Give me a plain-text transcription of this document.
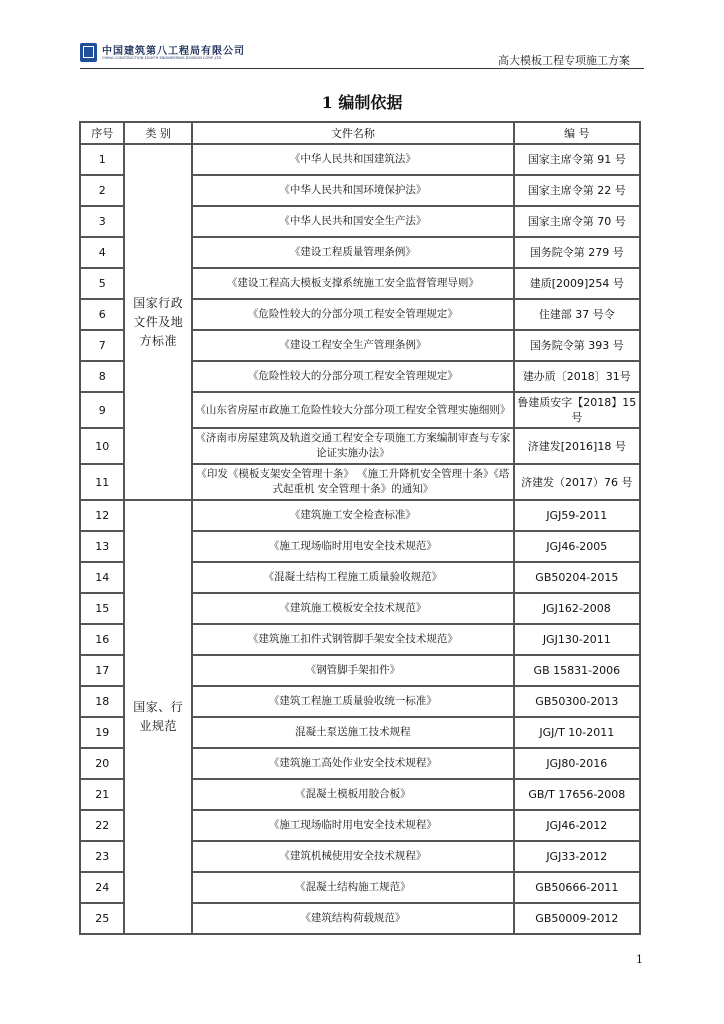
中国建筑第八工程局有限公司
CHINA CONSTRUCTION EIGHTH ENGINEERING DIVISION CORP.,LTD	高大模板工程专项施工方案
1 编制依据
序号	类 别	文件名称	编 号
1	国家行政文件及地方标准	《中华人民共和国建筑法》	国家主席令第 91 号
2		《中华人民共和国环境保护法》	国家主席令第 22 号
3		《中华人民共和国安全生产法》	国家主席令第 70 号
4		《建设工程质量管理条例》	国务院令第 279 号
5		《建设工程高大模板支撑系统施工安全监督管理导则》	建质[2009]254 号
6		《危险性较大的分部分项工程安全管理规定》	住建部 37 号令
7		《建设工程安全生产管理条例》	国务院令第 393 号
8		《危险性较大的分部分项工程安全管理规定》	建办质〔2018〕31号
9		《山东省房屋市政施工危险性较大分部分项工程安全管理实施细则》	鲁建质安字【2018】15号
10		《济南市房屋建筑及轨道交通工程安全专项施工方案编制审查与专家论证实施办法》	济建发[2016]18 号
11		《印发《模板支架安全管理十条》 《施工升降机安全管理十条》《塔式起重机 安全管理十条》的通知》	济建发（2017）76 号
12	国家、行业规范	《建筑施工安全检查标准》	JGJ59-2011
13		《施工现场临时用电安全技术规范》	JGJ46-2005
14		《混凝土结构工程施工质量验收规范》	GB50204-2015
15		《建筑施工模板安全技术规范》	JGJ162-2008
16		《建筑施工扣件式钢管脚手架安全技术规范》	JGJ130-2011
17		《钢管脚手架扣件》	GB 15831-2006
18		《建筑工程施工质量验收统一标准》	GB50300-2013
19		混凝土泵送施工技术规程	JGJ/T 10-2011
20		《建筑施工高处作业安全技术规程》	JGJ80-2016
21		《混凝土模板用胶合板》	GB/T 17656-2008
22		《施工现场临时用电安全技术规程》	JGJ46-2012
23		《建筑机械使用安全技术规程》	JGJ33-2012
24		《混凝土结构施工规范》	GB50666-2011
25		《建筑结构荷载规范》	GB50009-2012
1
